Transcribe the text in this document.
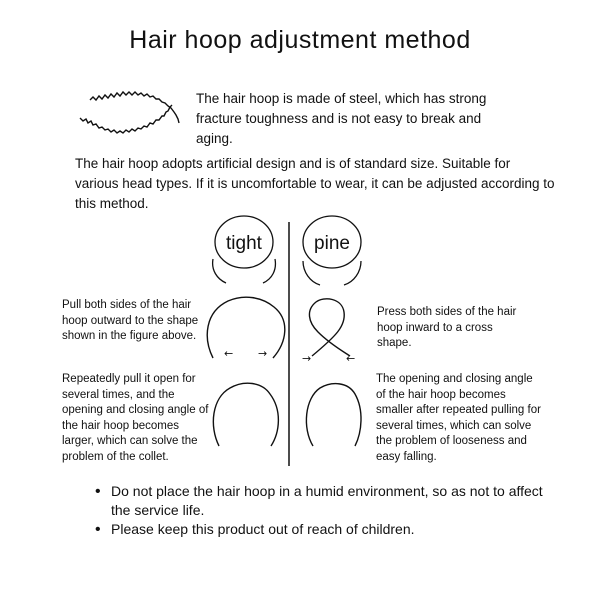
Hair hoop adjustment method
tight	pine
← →	→	←
The hair hoop is made of steel, which has strong fracture toughness and is not easy to break and aging.
The hair hoop adopts artificial design and is of standard size. Suitable for various head types. If it is uncomfortable to wear, it can be adjusted according to this method.
Pull both sides of the hair hoop outward to the shape shown in the figure above.
Press both sides of the hair hoop inward to a cross shape.
Repeatedly pull it open for several times, and the opening and closing angle of the hair hoop becomes larger, which can solve the problem of the collet.
The opening and closing angle of the hair hoop becomes smaller after repeated pulling for several times, which can solve the problem of looseness and easy falling.
• Do not place the hair hoop in a humid environment, so as not to affect the service life.
• Please keep this product out of reach of children.
